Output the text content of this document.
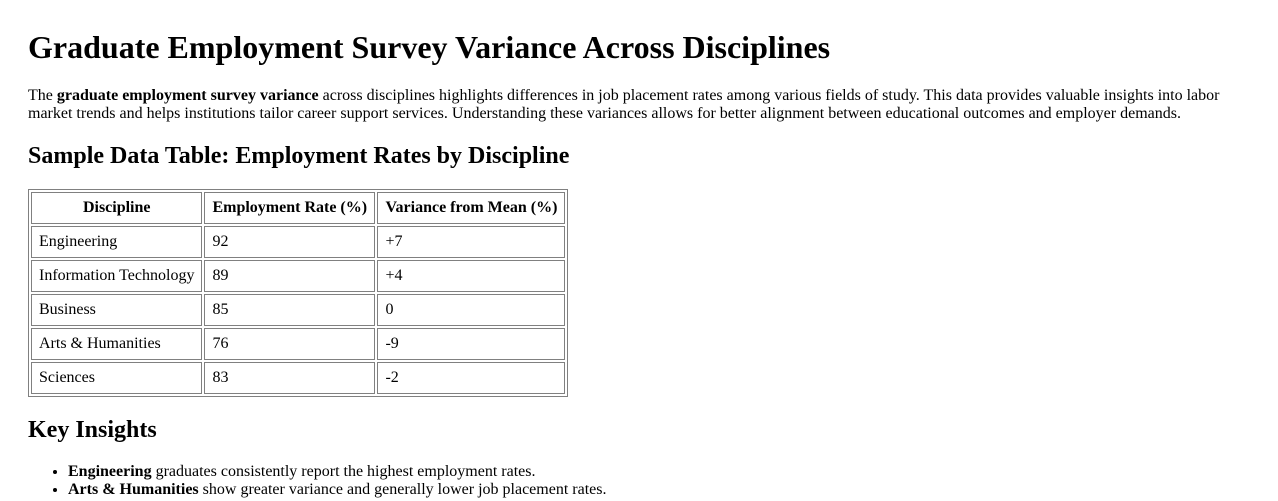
Graduate Employment Survey Variance Across Disciplines

The graduate employment survey variance across disciplines highlights differences in job placement rates among various fields of study. This data provides valuable insights into labor market trends and helps institutions tailor career support services. Understanding these variances allows for better alignment between educational outcomes and employer demands.

Sample Data Table: Employment Rates by Discipline
Discipline	Employment Rate (%)	Variance from Mean (%)
Engineering	92	+7
Information Technology	89	+4
Business	85	0
Arts & Humanities	76	-9
Sciences	83	-2
Key Insights
• Engineering graduates consistently report the highest employment rates.
• Arts & Humanities show greater variance and generally lower job placement rates.
